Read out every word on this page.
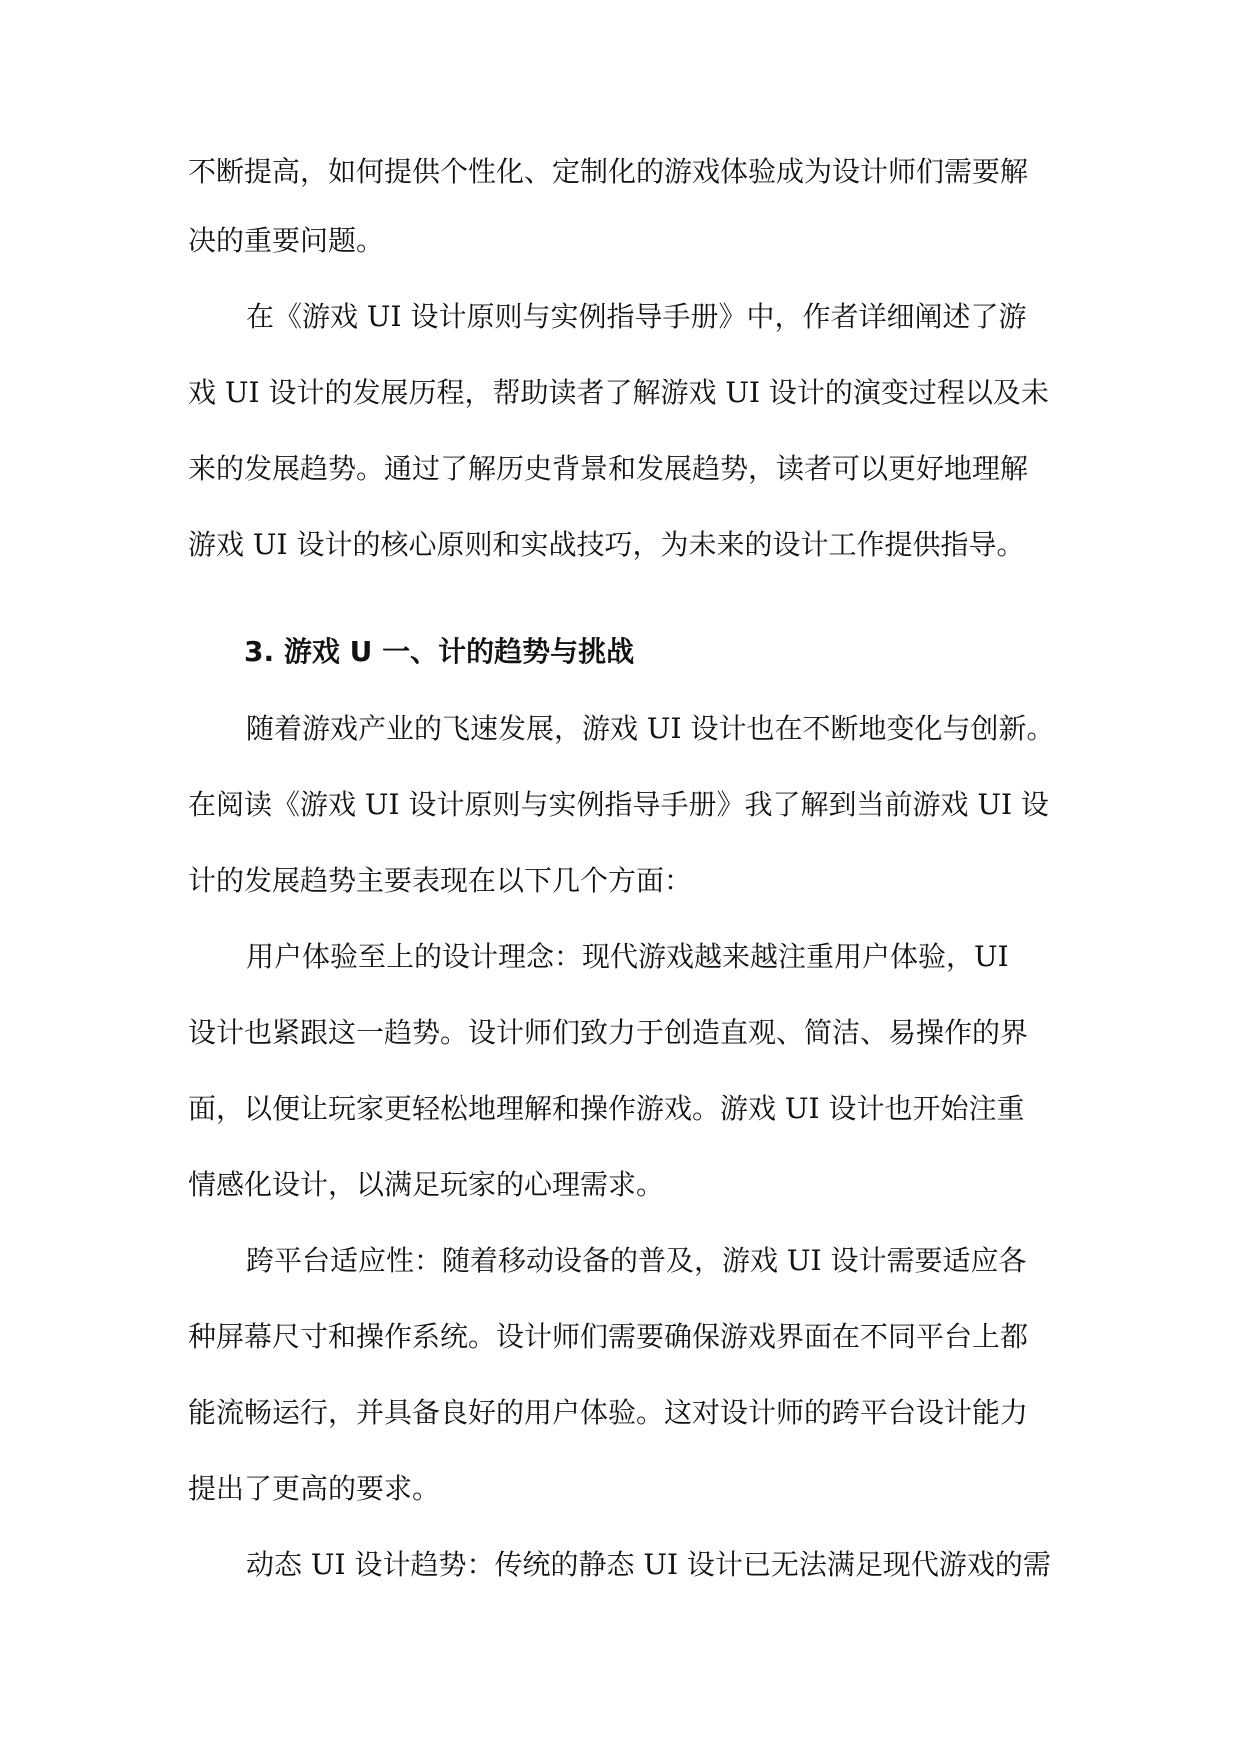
不断提高，如何提供个性化、定制化的游戏体验成为设计师们需要解
决的重要问题。
在《游戏 UI 设计原则与实例指导手册》中，作者详细阐述了游
戏 UI 设计的发展历程，帮助读者了解游戏 UI 设计的演变过程以及未
来的发展趋势。通过了解历史背景和发展趋势，读者可以更好地理解
游戏 UI 设计的核心原则和实战技巧，为未来的设计工作提供指导。
3. 游戏 U 一、计的趋势与挑战
随着游戏产业的飞速发展，游戏 UI 设计也在不断地变化与创新。
在阅读《游戏 UI 设计原则与实例指导手册》我了解到当前游戏 UI 设
计的发展趋势主要表现在以下几个方面：
用户体验至上的设计理念：现代游戏越来越注重用户体验，UI
设计也紧跟这一趋势。设计师们致力于创造直观、简洁、易操作的界
面，以便让玩家更轻松地理解和操作游戏。游戏 UI 设计也开始注重
情感化设计，以满足玩家的心理需求。
跨平台适应性：随着移动设备的普及，游戏 UI 设计需要适应各
种屏幕尺寸和操作系统。设计师们需要确保游戏界面在不同平台上都
能流畅运行，并具备良好的用户体验。这对设计师的跨平台设计能力
提出了更高的要求。
动态 UI 设计趋势：传统的静态 UI 设计已无法满足现代游戏的需
